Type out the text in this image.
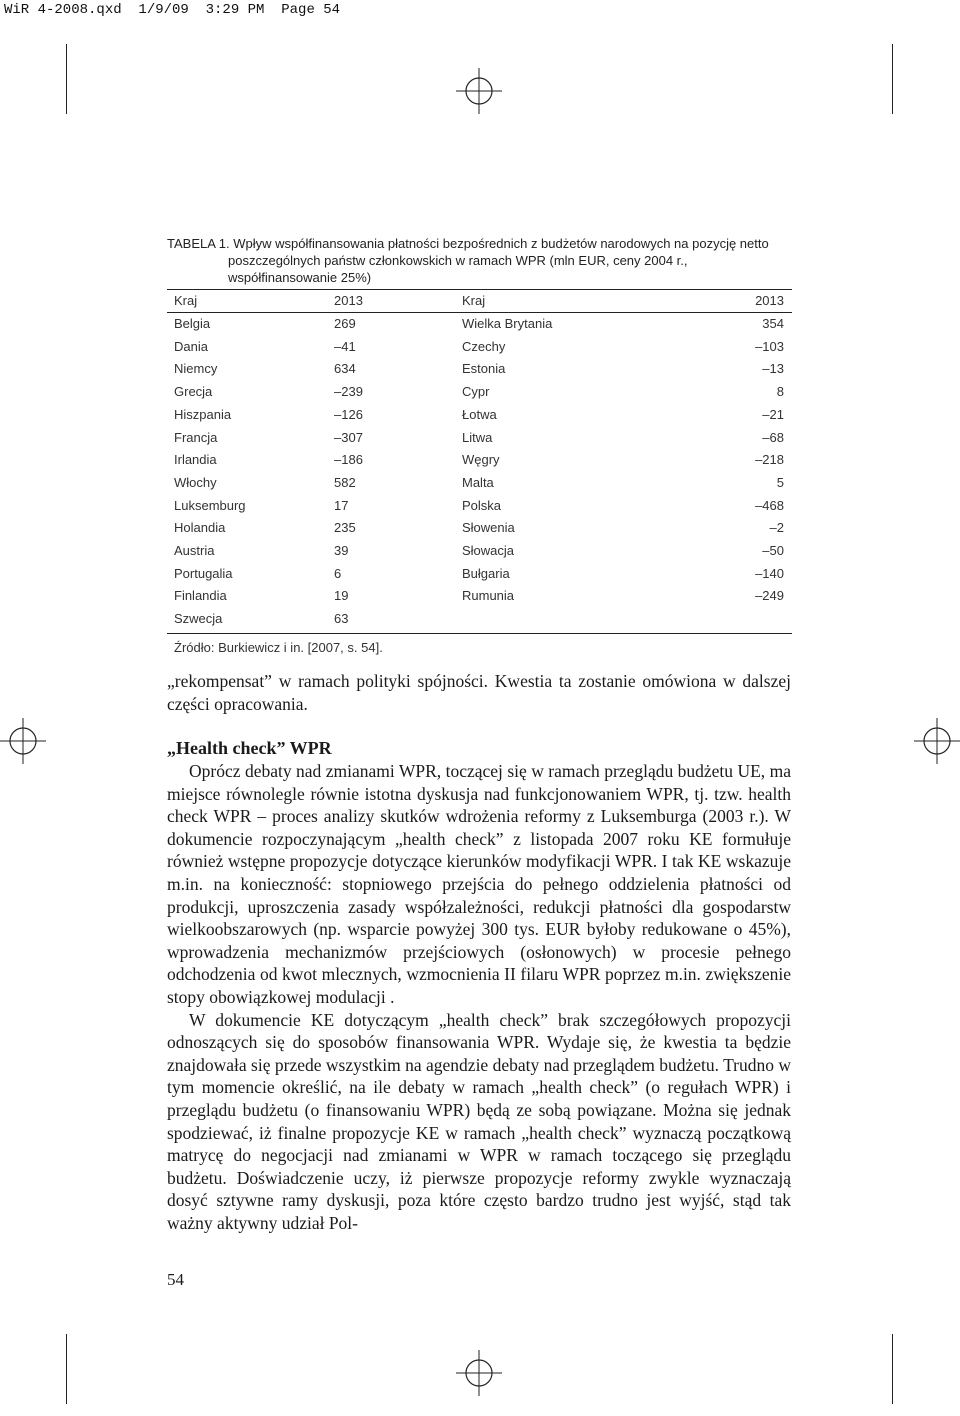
WiR 4-2008.qxd  1/9/09  3:29 PM  Page 54
TABELA 1. Wpływ współfinansowania płatności bezpośrednich z budżetów narodowych na pozycję netto
poszczególnych państw członkowskich w ramach WPR (mln EUR, ceny 2004 r.,
współfinansowanie 25%)
Kraj	2013	Kraj	2013
Belgia	269	Wielka Brytania	354
Dania	–41	Czechy	–103
Niemcy	634	Estonia	–13
Grecja	–239	Cypr	8
Hiszpania	–126	Łotwa	–21
Francja	–307	Litwa	–68
Irlandia	–186	Węgry	–218
Włochy	582	Malta	5
Luksemburg	17	Polska	–468
Holandia	235	Słowenia	–2
Austria	39	Słowacja	–50
Portugalia	6	Bułgaria	–140
Finlandia	19	Rumunia	–249
Szwecja	63
Źródło: Burkiewicz i in. [2007, s. 54].

„rekompensat” w ramach polityki spójności. Kwestia ta zostanie omówiona w dalszej części opracowania.

„Health check” WPR

Oprócz debaty nad zmianami WPR, toczącej się w ramach przeglądu budżetu UE, ma miejsce równolegle równie istotna dyskusja nad funkcjonowaniem WPR, tj. tzw. health check WPR – proces analizy skutków wdrożenia reformy z Luksemburga (2003 r.). W dokumencie rozpoczynającym „health check” z listopada 2007 roku KE formułuje również wstępne propozycje dotyczące kierunków modyfikacji WPR. I tak KE wskazuje m.in. na konieczność: stopniowego przejścia do pełnego oddzielenia płatności od produkcji, uproszczenia zasady współzależności, redukcji płatności dla gospodarstw wielkoobszarowych (np. wsparcie powyżej 300 tys. EUR byłoby redukowane o 45%), wprowadzenia mechanizmów przejściowych (osłonowych) w procesie pełnego odchodzenia od kwot mlecznych, wzmocnienia II filaru WPR poprzez m.in. zwiększenie stopy obowiązkowej modulacji .

W dokumencie KE dotyczącym „health check” brak szczegółowych propozycji odnoszących się do sposobów finansowania WPR. Wydaje się, że kwestia ta będzie znajdowała się przede wszystkim na agendzie debaty nad przeglądem budżetu. Trudno w tym momencie określić, na ile debaty w ramach „health check” (o regułach WPR) i przeglądu budżetu (o finansowaniu WPR) będą ze sobą powiązane. Można się jednak spodziewać, iż finalne propozycje KE w ramach „health check” wyznaczą początkową matrycę do negocjacji nad zmianami w WPR w ramach toczącego się przeglądu budżetu. Doświadczenie uczy, iż pierwsze propozycje reformy zwykle wyznaczają dosyć sztywne ramy dyskusji, poza które często bardzo trudno jest wyjść, stąd tak ważny aktywny udział Pol-

54
